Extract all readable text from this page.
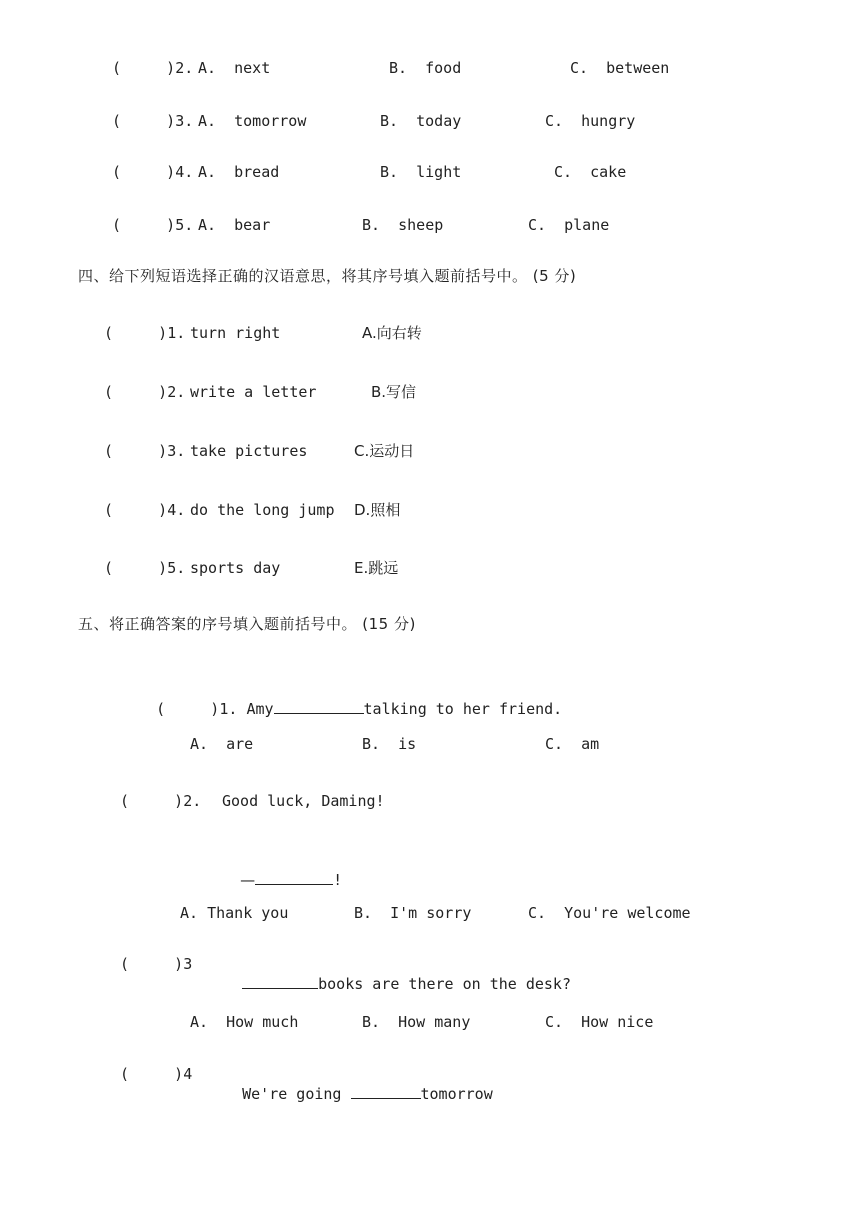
(     )2. A.  next	B.  food	C.  between
(     )3. A.  tomorrow	B.  today	C.  hungry
(     )4. A.  bread	B.  light	C.  cake
(     )5. A.  bear	B.  sheep	C.  plane
四、给下列短语选择正确的汉语意思，将其序号填入题前括号中。 (5 分)
(     )1. turn right	A.向右转
(     )2. write a letter	B.写信
(     )3. take pictures	C.运动日
(     )4. do the long jump D.照相
(     )5. sports day	E.跳远
五、将正确答案的序号填入题前括号中。 (15 分)

(     )1. Amy	talking to her friend.

A.  are	B.  is	C.  am
(     )2. Good luck, Daming!

—	!

A. Thank you	B.  I'm sorry	C.  You're welcome
(     )3

books are there on the desk?

A.  How much	B.  How many	C.  How nice
(     )4

We're going	tomorrow
